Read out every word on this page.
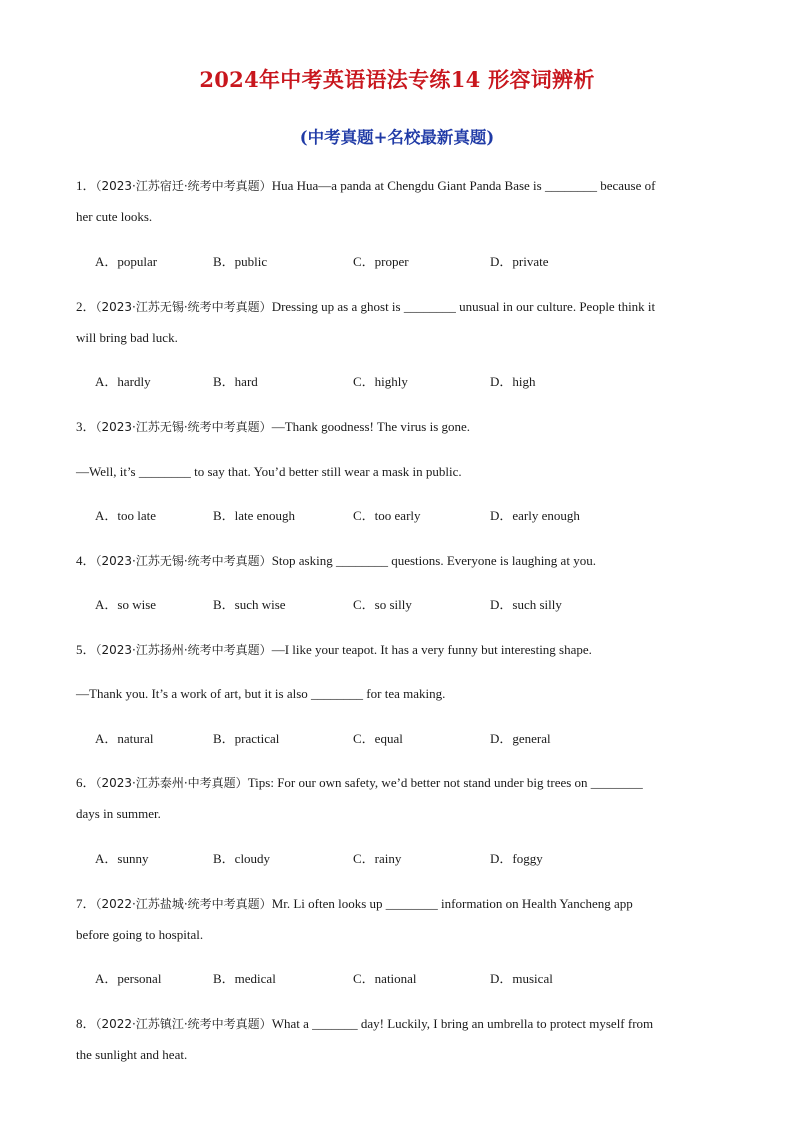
2024年中考英语语法专练14 形容词辨析
(中考真题+名校最新真题)
1．（2023·江苏宿迁·统考中考真题）Hua Hua—a panda at Chengdu Giant Panda Base is ________ because of
her cute looks.
A．popular	B．public	C．proper	D．private
2．（2023·江苏无锡·统考中考真题）Dressing up as a ghost is ________ unusual in our culture. People think it
will bring bad luck.
A．hardly	B．hard	C．highly	D．high
3．（2023·江苏无锡·统考中考真题）—Thank goodness! The virus is gone.
—Well, it’s ________ to say that. You’d better still wear a mask in public.
A．too late	B．late enough	C．too early	D．early enough
4．（2023·江苏无锡·统考中考真题）Stop asking ________ questions. Everyone is laughing at you.
A．so wise	B．such wise	C．so silly	D．such silly
5．（2023·江苏扬州·统考中考真题）—I like your teapot. It has a very funny but interesting shape.
—Thank you. It’s a work of art, but it is also ________ for tea making.
A．natural	B．practical	C．equal	D．general
6．（2023·江苏泰州·中考真题）Tips: For our own safety, we’d better not stand under big trees on ________
days in summer.
A．sunny	B．cloudy	C．rainy	D．foggy
7．（2022·江苏盐城·统考中考真题）Mr. Li often looks up ________ information on Health Yancheng app
before going to hospital.
A．personal	B．medical	C．national	D．musical
8．（2022·江苏镇江·统考中考真题）What a _______ day! Luckily, I bring an umbrella to protect myself from
the sunlight and heat.
